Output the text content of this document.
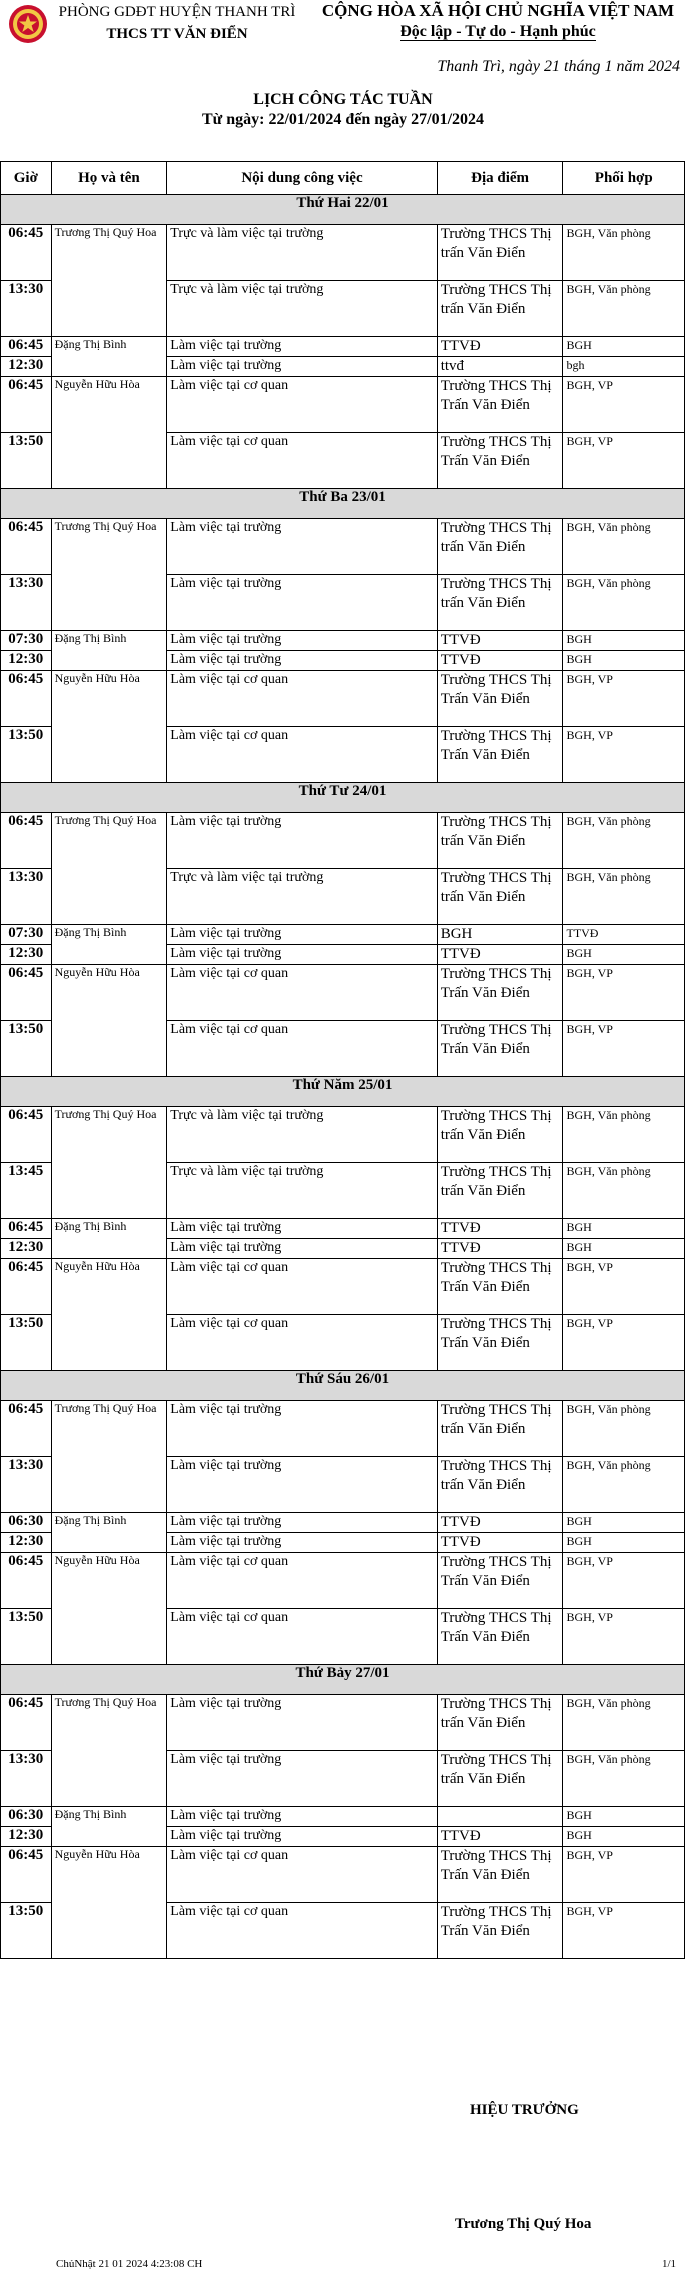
PHÒNG GDĐT HUYỆN THANH TRÌ
THCS TT VĂN ĐIỂN
CỘNG HÒA XÃ HỘI CHỦ NGHĨA VIỆT NAM
Độc lập - Tự do - Hạnh phúc
Thanh Trì, ngày 21 tháng 1 năm 2024
LỊCH CÔNG TÁC TUẦN
Từ ngày: 22/01/2024 đến ngày 27/01/2024
Giờ	Họ và tên	Nội dung công việc	Địa điểm	Phối hợp
Thứ Hai 22/01				
06:45	Trương Thị Quý Hoa	Trực và làm việc tại trường	Trường THCS Thị trấn Văn Điển	BGH, Văn phòng
13:30		Trực và làm việc tại trường	Trường THCS Thị trấn Văn Điển	BGH, Văn phòng
06:45	Đặng Thị Bình	Làm việc tại trường	TTVĐ	BGH
12:30		Làm việc tại trường	ttvđ	bgh
06:45	Nguyễn Hữu Hòa	Làm việc tại cơ quan	Trường THCS Thị Trấn Văn Điển	BGH, VP
13:50		Làm việc tại cơ quan	Trường THCS Thị Trấn Văn Điển	BGH, VP
Thứ Ba 23/01				
06:45	Trương Thị Quý Hoa	Làm việc tại trường	Trường THCS Thị trấn Văn Điển	BGH, Văn phòng
13:30		Làm việc tại trường	Trường THCS Thị trấn Văn Điển	BGH, Văn phòng
07:30	Đặng Thị Bình	Làm việc tại trường	TTVĐ	BGH
12:30		Làm việc tại trường	TTVĐ	BGH
06:45	Nguyễn Hữu Hòa	Làm việc tại cơ quan	Trường THCS Thị Trấn Văn Điển	BGH, VP
13:50		Làm việc tại cơ quan	Trường THCS Thị Trấn Văn Điển	BGH, VP
Thứ Tư 24/01				
06:45	Trương Thị Quý Hoa	Làm việc tại trường	Trường THCS Thị trấn Văn Điển	BGH, Văn phòng
13:30		Trực và làm việc tại trường	Trường THCS Thị trấn Văn Điển	BGH, Văn phòng
07:30	Đặng Thị Bình	Làm việc tại trường	BGH	TTVĐ
12:30		Làm việc tại trường	TTVĐ	BGH
06:45	Nguyễn Hữu Hòa	Làm việc tại cơ quan	Trường THCS Thị Trấn Văn Điển	BGH, VP
13:50		Làm việc tại cơ quan	Trường THCS Thị Trấn Văn Điển	BGH, VP
Thứ Năm 25/01				
06:45	Trương Thị Quý Hoa	Trực và làm việc tại trường	Trường THCS Thị trấn Văn Điển	BGH, Văn phòng
13:45		Trực và làm việc tại trường	Trường THCS Thị trấn Văn Điển	BGH, Văn phòng
06:45	Đặng Thị Bình	Làm việc tại trường	TTVĐ	BGH
12:30		Làm việc tại trường	TTVĐ	BGH
06:45	Nguyễn Hữu Hòa	Làm việc tại cơ quan	Trường THCS Thị Trấn Văn Điển	BGH, VP
13:50		Làm việc tại cơ quan	Trường THCS Thị Trấn Văn Điển	BGH, VP
Thứ Sáu 26/01				
06:45	Trương Thị Quý Hoa	Làm việc tại trường	Trường THCS Thị trấn Văn Điển	BGH, Văn phòng
13:30		Làm việc tại trường	Trường THCS Thị trấn Văn Điển	BGH, Văn phòng
06:30	Đặng Thị Bình	Làm việc tại trường	TTVĐ	BGH
12:30		Làm việc tại trường	TTVĐ	BGH
06:45	Nguyễn Hữu Hòa	Làm việc tại cơ quan	Trường THCS Thị Trấn Văn Điển	BGH, VP
13:50		Làm việc tại cơ quan	Trường THCS Thị Trấn Văn Điển	BGH, VP
Thứ Bảy 27/01				
06:45	Trương Thị Quý Hoa	Làm việc tại trường	Trường THCS Thị trấn Văn Điển	BGH, Văn phòng
13:30		Làm việc tại trường	Trường THCS Thị trấn Văn Điển	BGH, Văn phòng
06:30	Đặng Thị Bình	Làm việc tại trường		BGH
12:30		Làm việc tại trường	TTVĐ	BGH
06:45	Nguyễn Hữu Hòa	Làm việc tại cơ quan	Trường THCS Thị Trấn Văn Điển	BGH, VP
13:50		Làm việc tại cơ quan	Trường THCS Thị Trấn Văn Điển	BGH, VP
HIỆU TRƯỞNG
Trương Thị Quý Hoa
ChủNhật 21 01 2024 4:23:08 CH	1/1
